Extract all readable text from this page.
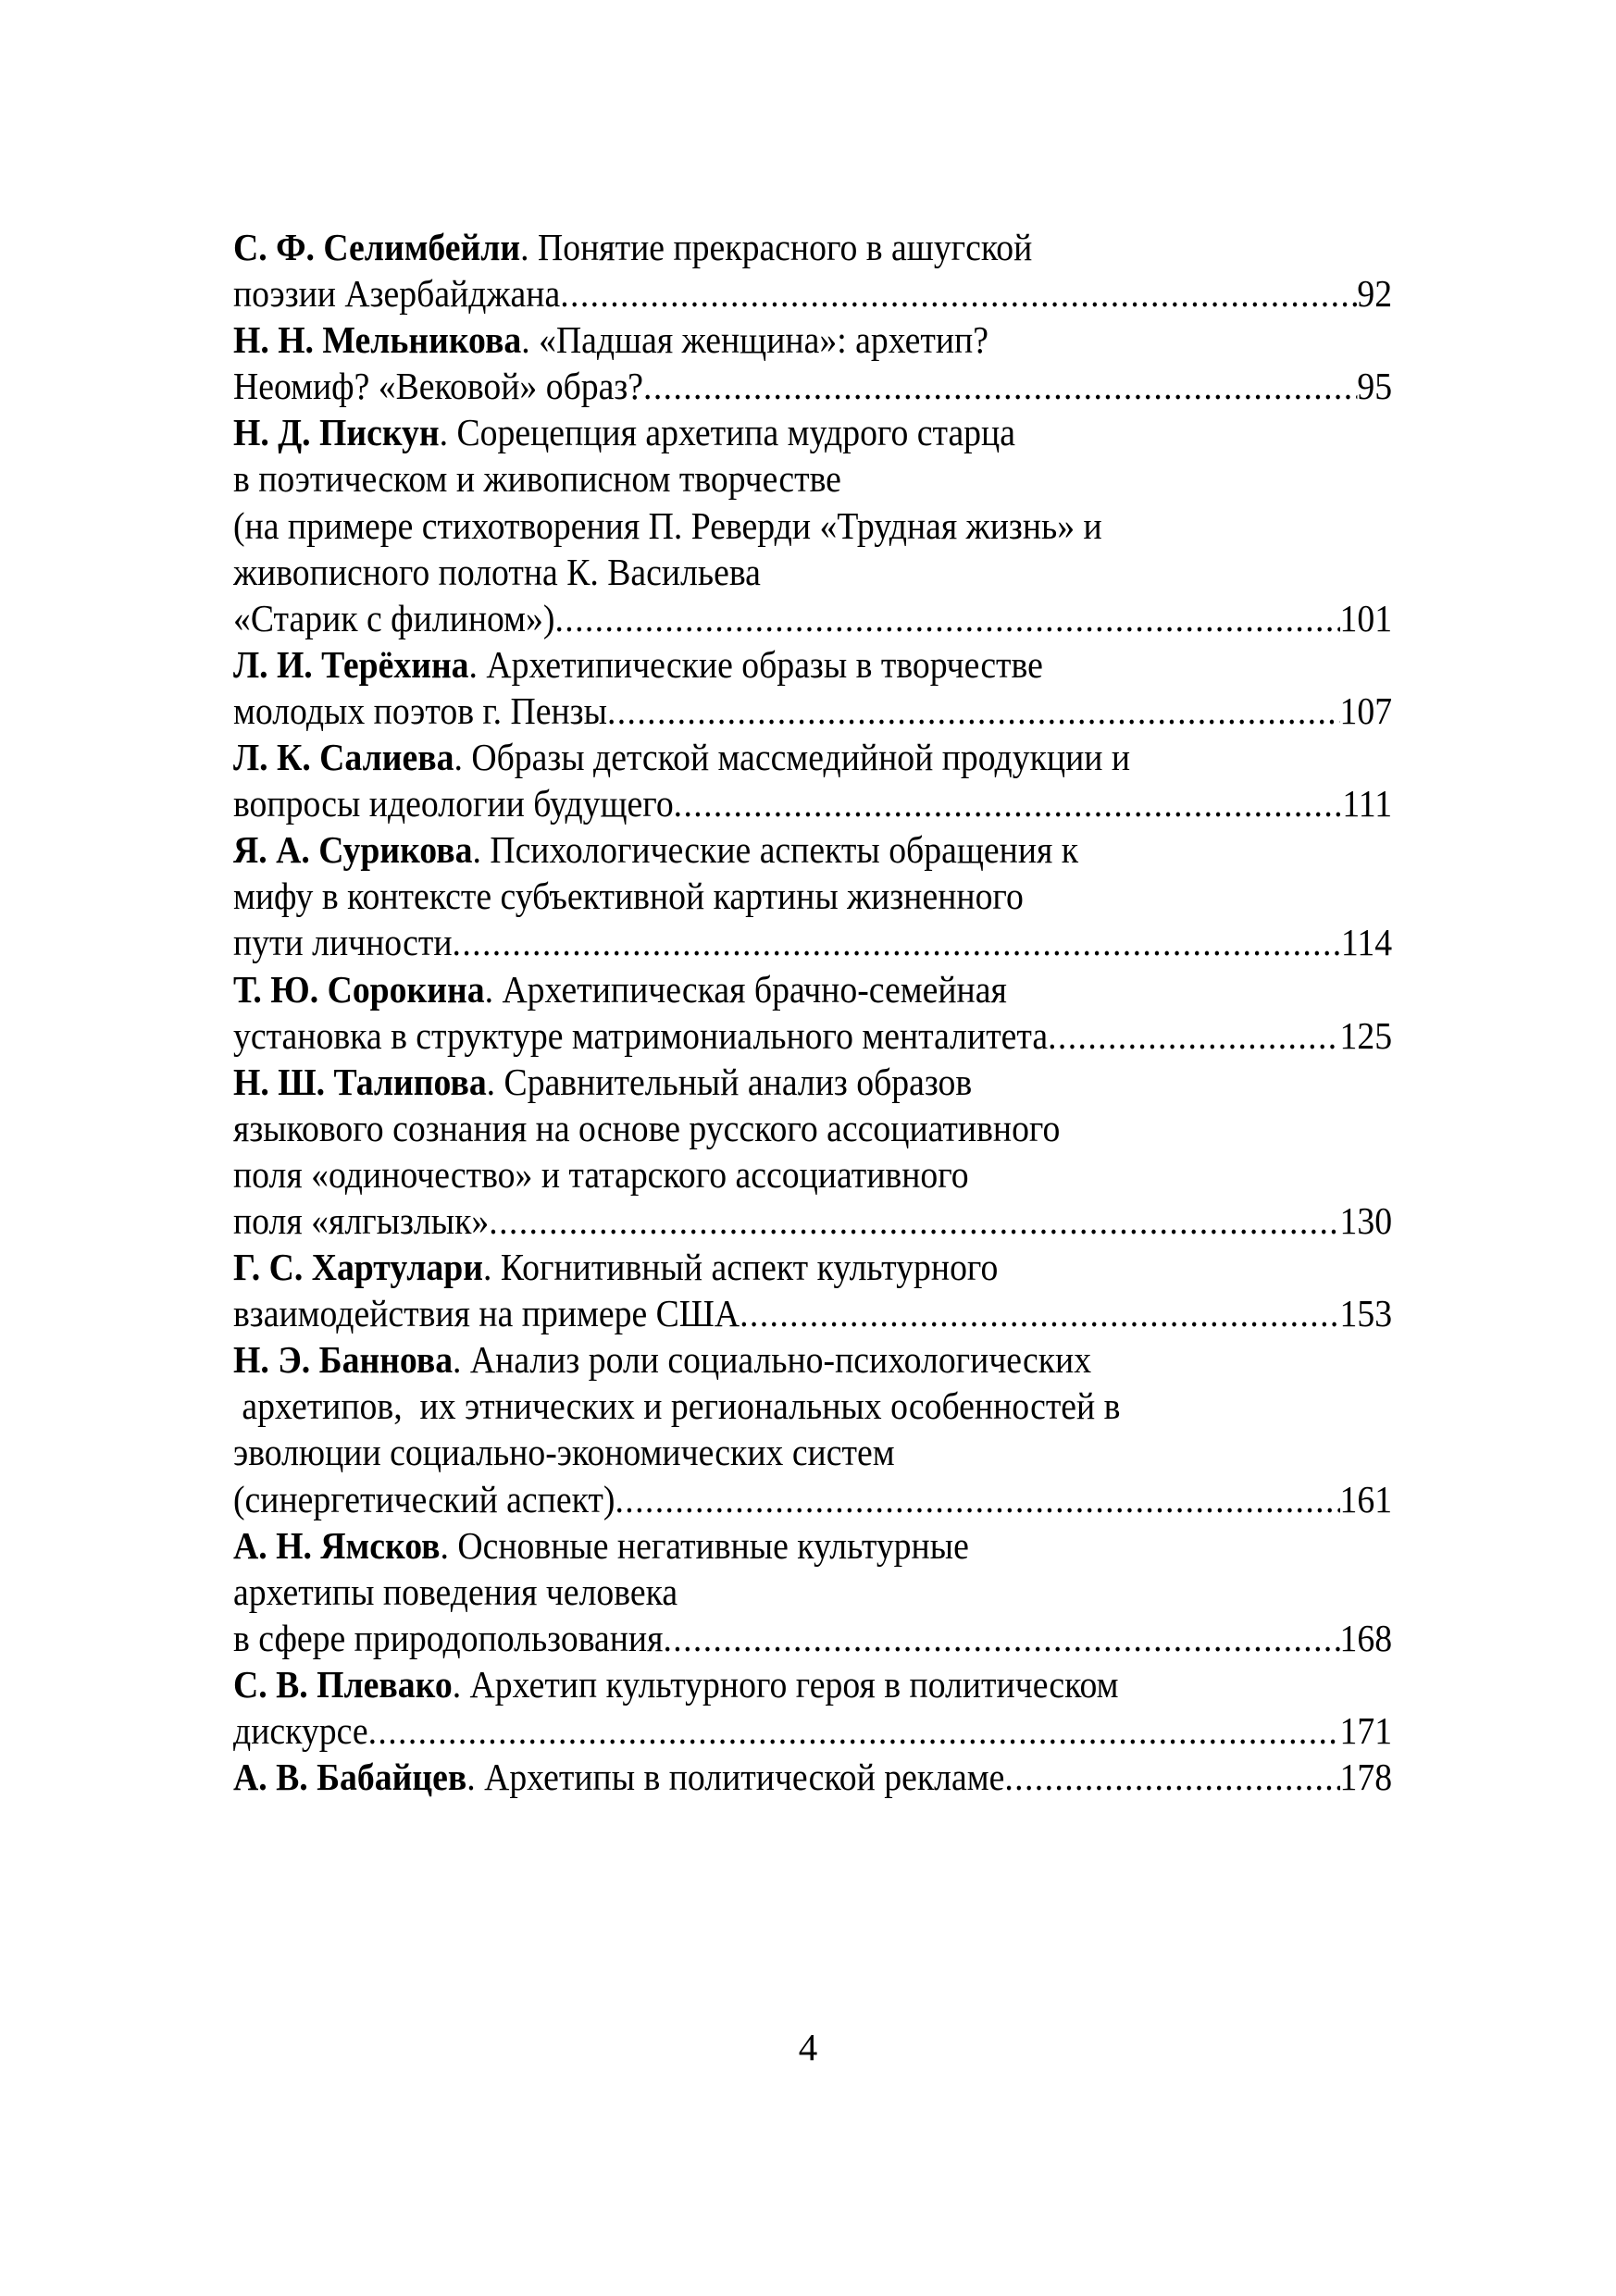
С. Ф. Селимбейли. Понятие прекрасного в ашугской
поэзии Азербайджана .....	92
Н. Н. Мельникова. «Падшая женщина»: архетип?
Неомиф? «Вековой» образ? .....	95
Н. Д. Пискун. Сорецепция архетипа мудрого старца
в поэтическом и живописном творчестве
(на примере стихотворения П. Реверди «Трудная жизнь» и
живописного полотна К. Васильева
«Старик с филином») .....	101
Л. И. Терёхина. Архетипические образы в творчестве
молодых поэтов г. Пензы .....	107
Л. К. Салиева. Образы детской массмедийной продукции и
вопросы идеологии будущего .....	111
Я. А. Сурикова. Психологические аспекты обращения к
мифу в контексте субъективной картины жизненного
пути личности .....	114
Т. Ю. Сорокина. Архетипическая брачно-семейная
установка в структуре матримониального менталитета .....	125
Н. Ш. Талипова. Сравнительный анализ образов
языкового сознания на основе русского ассоциативного
поля «одиночество» и татарского ассоциативного
поля «ялгызлык» .....	130
Г. С. Хартулари. Когнитивный аспект культурного
взаимодействия на примере США .....	153
Н. Э. Баннова. Анализ роли социально-психологических
архетипов,  их этнических и региональных особенностей в
эволюции социально-экономических систем
(синергетический аспект) .....	161
А. Н. Ямсков. Основные негативные культурные
архетипы поведения человека
в сфере природопользования .....	168
С. В. Плевако. Архетип культурного героя в политическом
дискурсе .....	171
А. В. Бабайцев. Архетипы в политической рекламе .....	178
4
